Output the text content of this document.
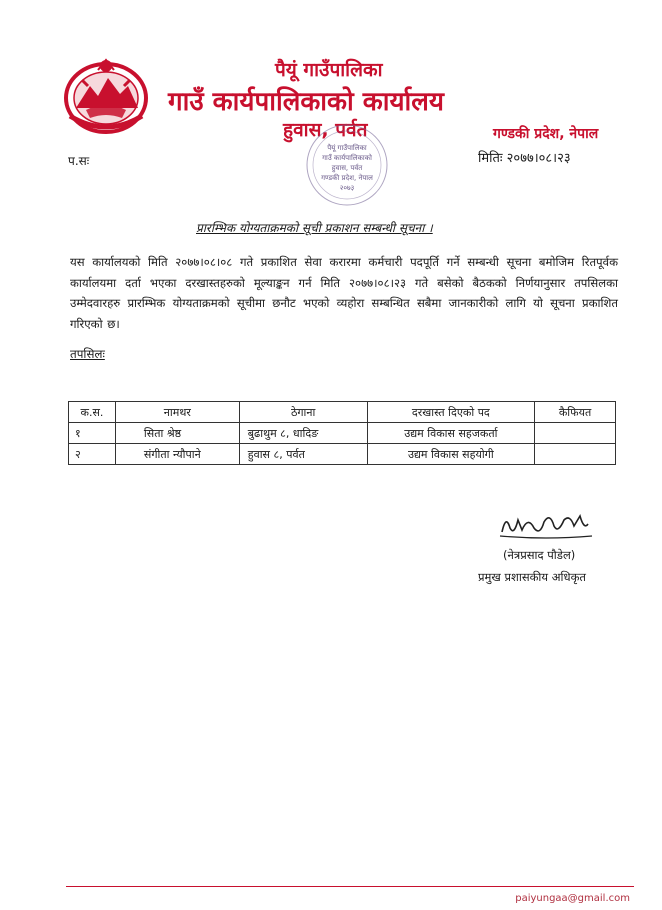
पैयूं गाउँपालिका
गाउँ कार्यपालिकाको कार्यालय
हुवास, पर्वत	गण्डकी प्रदेश, नेपाल
प.सः	मितिः २०७७।०८।२३
पैयूं गाउँपालिका
गाउँ कार्यपालिकाको
हुवास, पर्वत
गण्डकी प्रदेश, नेपाल
२०७३
प्रारम्भिक योग्यताक्रमको सूची प्रकाशन सम्बन्धी सूचना ।
यस कार्यालयको मिति २०७७।०८।०८ गते प्रकाशित सेवा करारमा कर्मचारी पदपूर्ति गर्ने सम्बन्धी सूचना बमोजिम रितपूर्वक कार्यालयमा दर्ता भएका दरखास्तहरुको मूल्याङ्कन गर्न मिति २०७७।०८।२३ गते बसेको बैठकको निर्णयानुसार तपसिलका उम्मेदवारहरु प्रारम्भिक योग्यताक्रमको सूचीमा छनौट भएको व्यहोरा सम्बन्धित सबैमा जानकारीको लागि यो सूचना प्रकाशित गरिएको छ।
तपसिलः
क.स.	नामथर	ठेगाना	दरखास्त दिएको पद	कैफियत
१	सिता श्रेष्ठ	बुढाथुम ८, धादिङ	उद्यम विकास सहजकर्ता	
२	संगीता न्यौपाने	हुवास ८, पर्वत	उद्यम विकास सहयोगी	
(नेत्रप्रसाद पौडेल)
प्रमुख प्रशासकीय अधिकृत
paiyungaa@gmail.com
